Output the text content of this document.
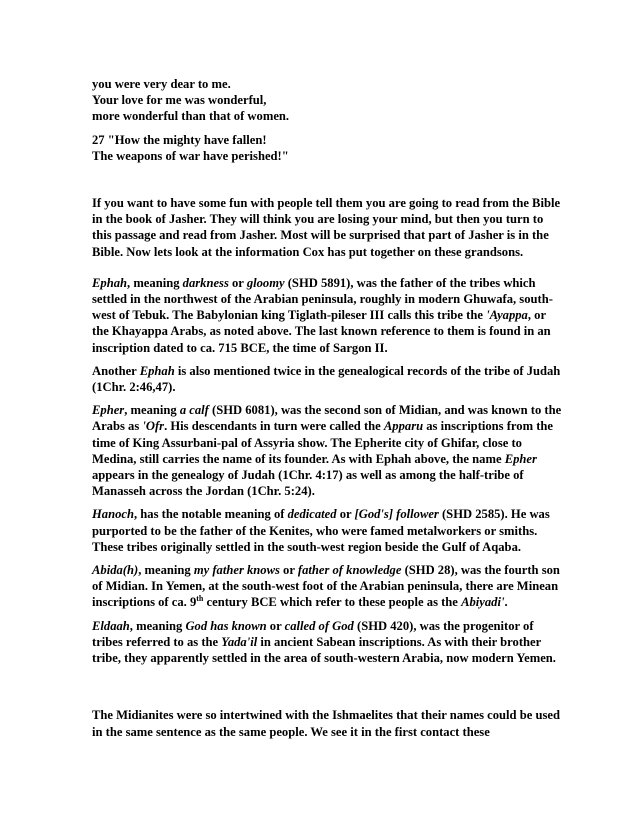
you were very dear to me.

Your love for me was wonderful,

more wonderful than that of women.

27 "How the mighty have fallen!

The weapons of war have perished!"

If you want to have some fun with people tell them you are going to read from the Bible in the book of Jasher. They will think you are losing your mind, but then you turn to this passage and read from Jasher. Most will be surprised that part of Jasher is in the Bible. Now lets look at the information Cox has put together on these grandsons.

Ephah, meaning darkness or gloomy (SHD 5891), was the father of the tribes which settled in the northwest of the Arabian peninsula, roughly in modern Ghuwafa, south-west of Tebuk. The Babylonian king Tiglath-pileser III calls this tribe the 'Ayappa, or the Khayappa Arabs, as noted above. The last known reference to them is found in an inscription dated to ca. 715 BCE, the time of Sargon II.

Another Ephah is also mentioned twice in the genealogical records of the tribe of Judah (1Chr. 2:46,47).

Epher, meaning a calf (SHD 6081), was the second son of Midian, and was known to the Arabs as 'Ofr. His descendants in turn were called the Apparu as inscriptions from the time of King Assurbani-pal of Assyria show. The Epherite city of Ghifar, close to Medina, still carries the name of its founder. As with Ephah above, the name Epher appears in the genealogy of Judah (1Chr. 4:17) as well as among the half-tribe of Manasseh across the Jordan (1Chr. 5:24).

Hanoch, has the notable meaning of dedicated or [God's] follower (SHD 2585). He was purported to be the father of the Kenites, who were famed metalworkers or smiths. These tribes originally settled in the south-west region beside the Gulf of Aqaba.

Abida(h), meaning my father knows or father of knowledge (SHD 28), was the fourth son of Midian. In Yemen, at the south-west foot of the Arabian peninsula, there are Minean inscriptions of ca. 9th century BCE which refer to these people as the Abiyadi'.

Eldaah, meaning God has known or called of God (SHD 420), was the progenitor of tribes referred to as the Yada'il in ancient Sabean inscriptions. As with their brother tribe, they apparently settled in the area of south-western Arabia, now modern Yemen.

The Midianites were so intertwined with the Ishmaelites that their names could be used in the same sentence as the same people. We see it in the first contact these
